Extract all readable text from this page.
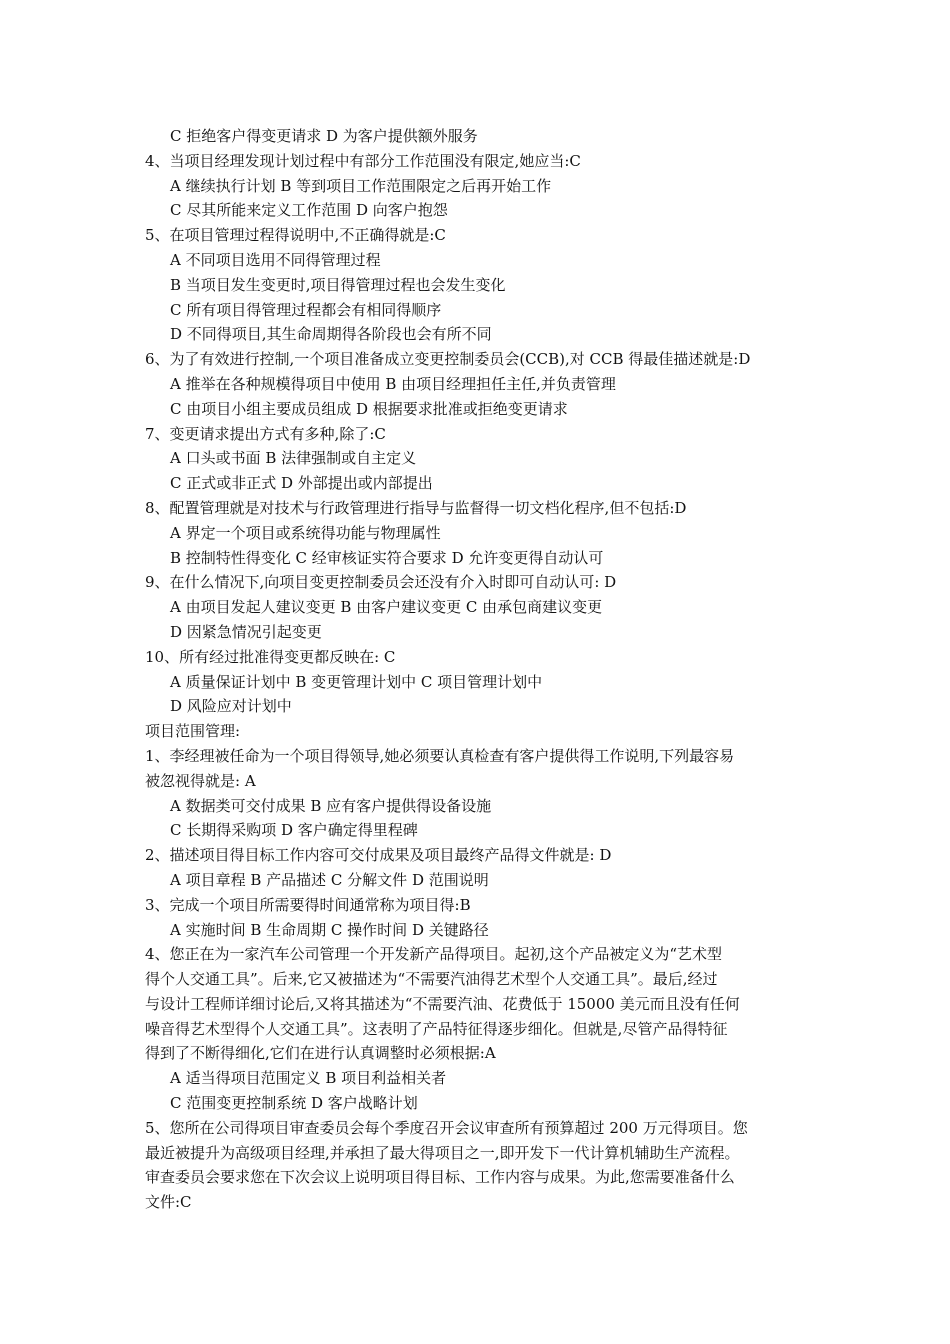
C 拒绝客户得变更请求 D 为客户提供额外服务
4、当项目经理发现计划过程中有部分工作范围没有限定,她应当:C
A 继续执行计划 B 等到项目工作范围限定之后再开始工作
C 尽其所能来定义工作范围 D 向客户抱怨
5、在项目管理过程得说明中,不正确得就是:C
A 不同项目选用不同得管理过程
B 当项目发生变更时,项目得管理过程也会发生变化
C 所有项目得管理过程都会有相同得顺序
D 不同得项目,其生命周期得各阶段也会有所不同
6、为了有效进行控制,一个项目准备成立变更控制委员会(CCB),对 CCB 得最佳描述就是:D
A 推举在各种规模得项目中使用 B 由项目经理担任主任,并负责管理
C 由项目小组主要成员组成 D 根据要求批准或拒绝变更请求
7、变更请求提出方式有多种,除了:C
A 口头或书面 B 法律强制或自主定义
C 正式或非正式 D 外部提出或内部提出
8、配置管理就是对技术与行政管理进行指导与监督得一切文档化程序,但不包括:D
A 界定一个项目或系统得功能与物理属性
B 控制特性得变化 C 经审核证实符合要求 D 允许变更得自动认可
9、在什么情况下,向项目变更控制委员会还没有介入时即可自动认可: D
A 由项目发起人建议变更 B 由客户建议变更 C 由承包商建议变更
D 因紧急情况引起变更
10、所有经过批准得变更都反映在: C
A 质量保证计划中 B 变更管理计划中 C 项目管理计划中
D 风险应对计划中
项目范围管理:
1、李经理被任命为一个项目得领导,她必须要认真检查有客户提供得工作说明,下列最容易
被忽视得就是: A
A 数据类可交付成果 B 应有客户提供得设备设施
C 长期得采购项 D 客户确定得里程碑
2、描述项目得目标工作内容可交付成果及项目最终产品得文件就是: D
A 项目章程 B 产品描述 C 分解文件 D 范围说明
3、完成一个项目所需要得时间通常称为项目得:B
A 实施时间 B 生命周期 C 操作时间 D 关键路径
4、您正在为一家汽车公司管理一个开发新产品得项目。起初,这个产品被定义为“艺术型
得个人交通工具”。后来,它又被描述为“不需要汽油得艺术型个人交通工具”。最后,经过
与设计工程师详细讨论后,又将其描述为“不需要汽油、花费低于 15000 美元而且没有任何
噪音得艺术型得个人交通工具”。这表明了产品特征得逐步细化。但就是,尽管产品得特征
得到了不断得细化,它们在进行认真调整时必须根据:A
A 适当得项目范围定义 B 项目利益相关者
C 范围变更控制系统 D 客户战略计划
5、您所在公司得项目审查委员会每个季度召开会议审查所有预算超过 200 万元得项目。您
最近被提升为高级项目经理,并承担了最大得项目之一,即开发下一代计算机辅助生产流程。
审查委员会要求您在下次会议上说明项目得目标、工作内容与成果。为此,您需要准备什么
文件:C
